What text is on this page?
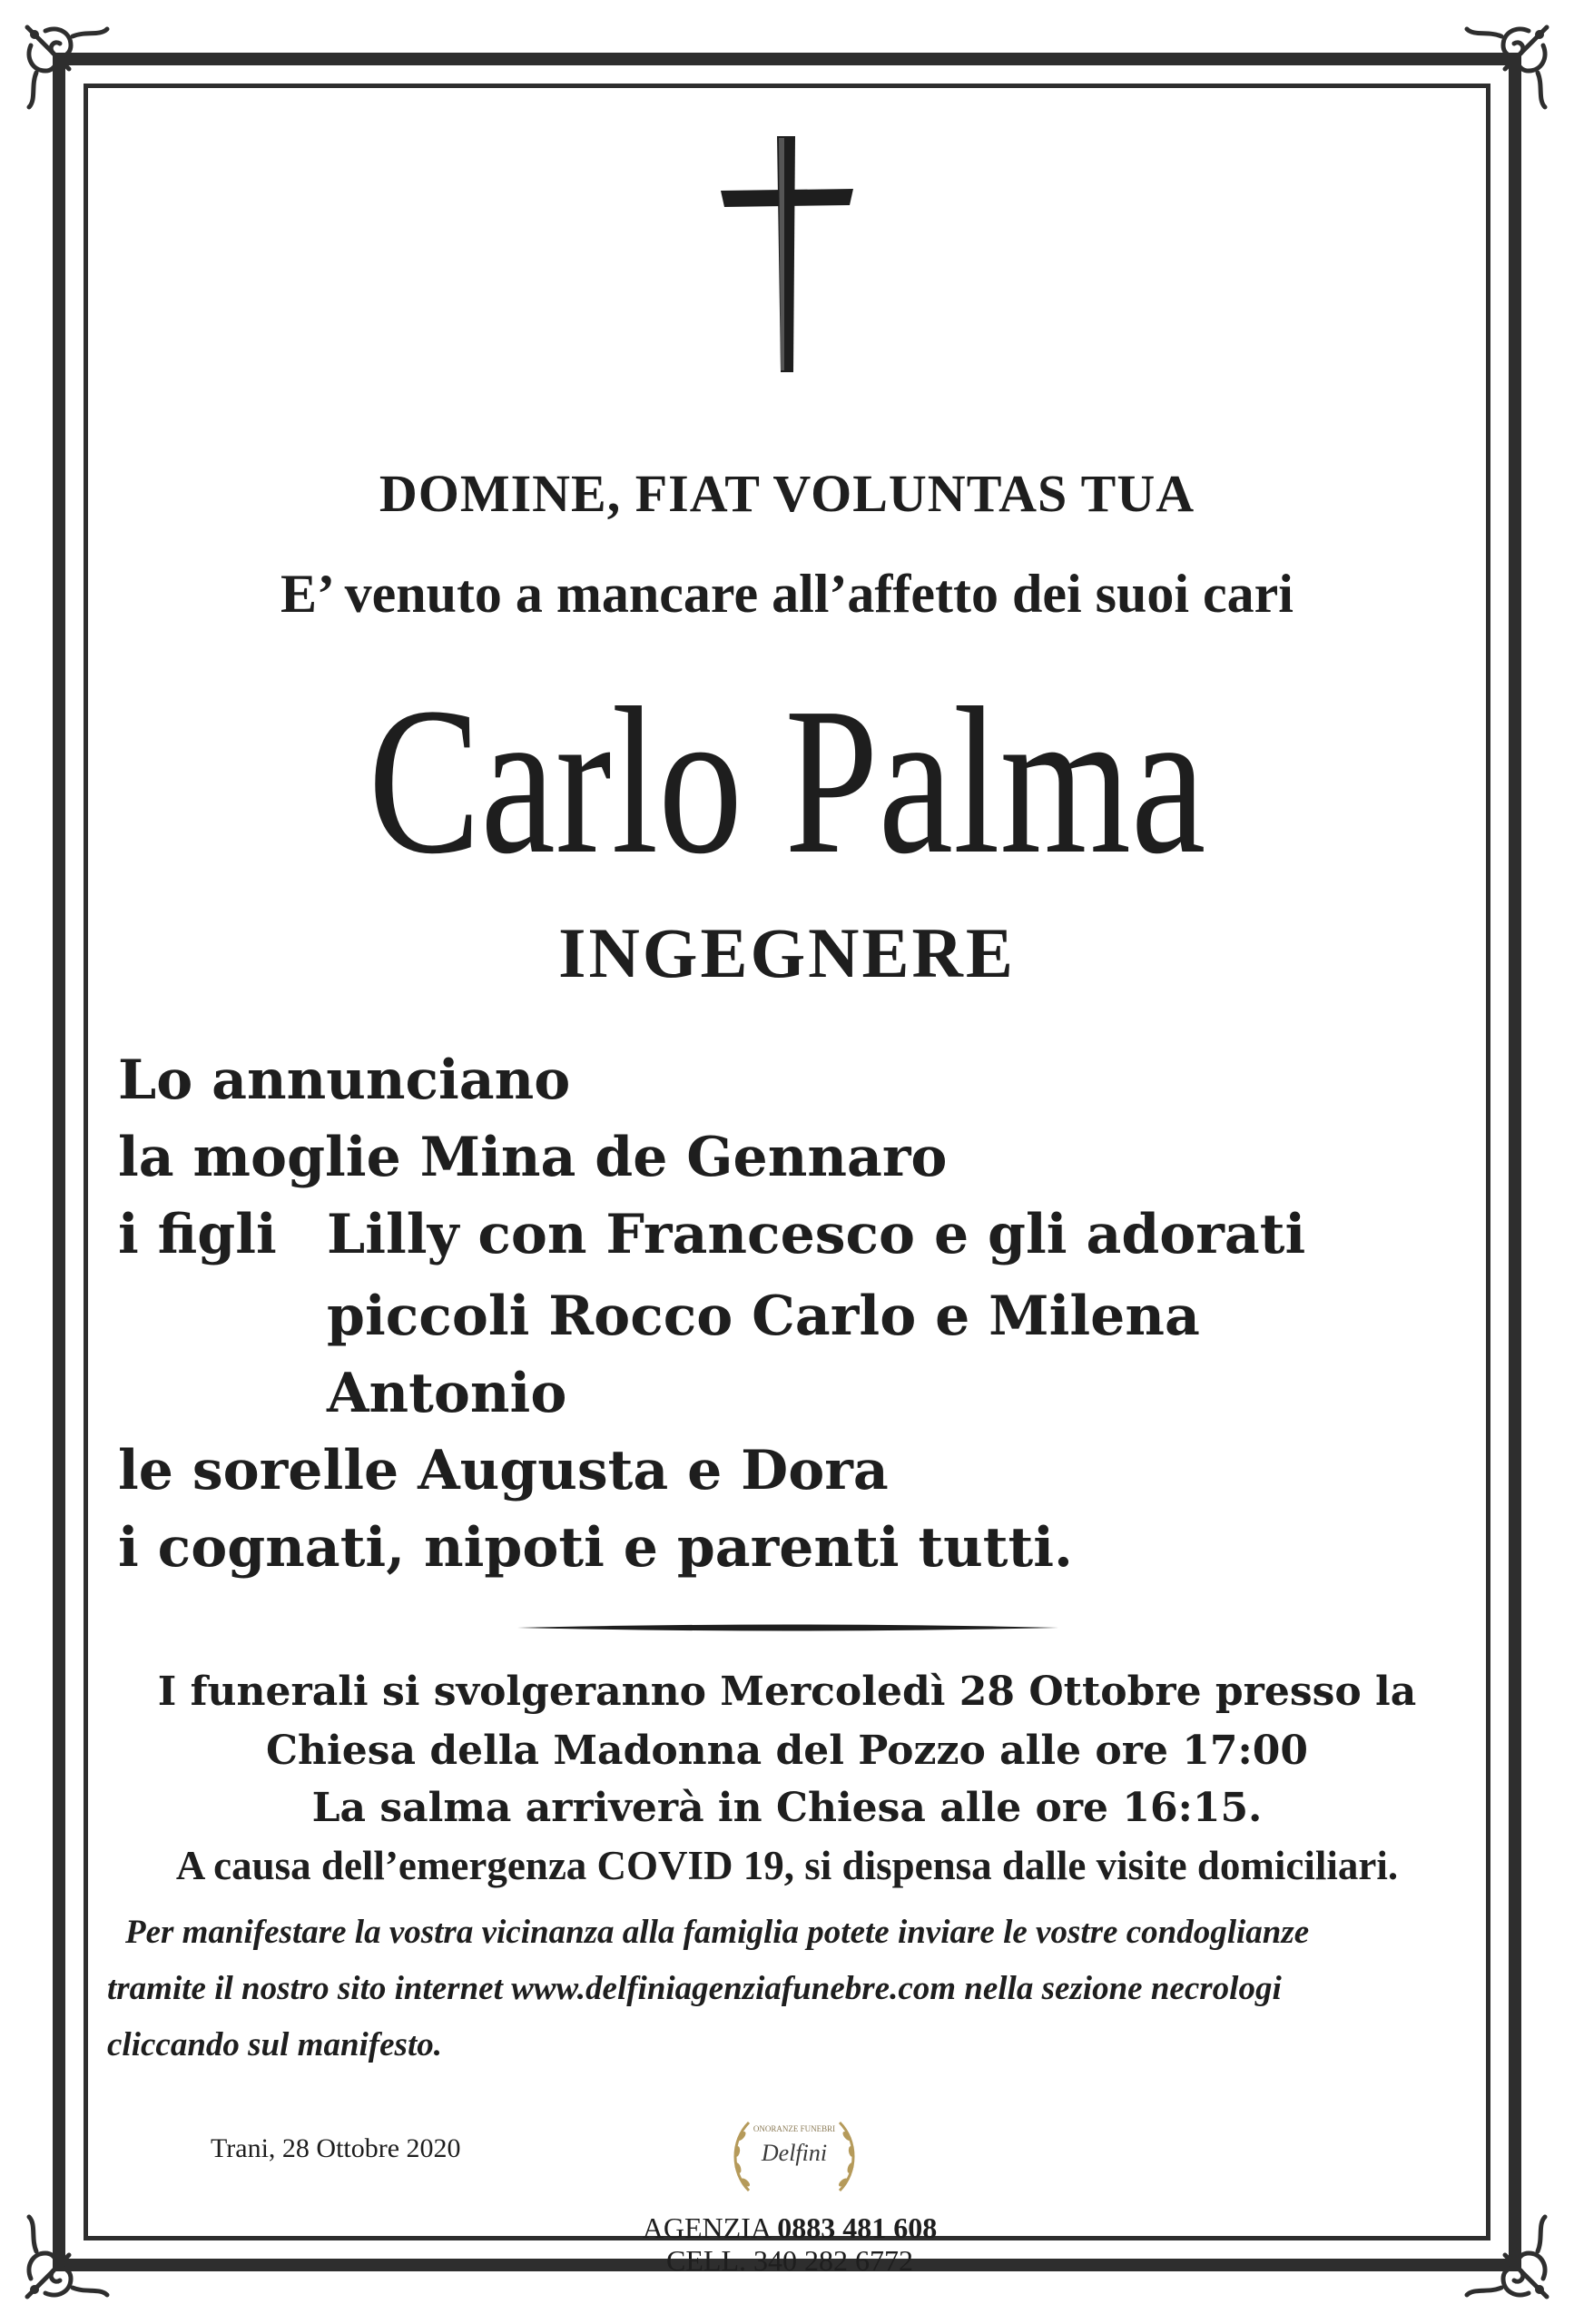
DOMINE, FIAT VOLUNTAS TUA
E’ venuto a mancare all’affetto dei suoi cari
Carlo Palma
INGEGNERE
Lo annunciano
la moglie Mina de Gennaro
i figli Lilly con Francesco e gli adorati
piccoli Rocco Carlo e Milena
Antonio
le sorelle Augusta e Dora
i cognati, nipoti e parenti tutti.
I funerali si svolgeranno Mercoledì 28 Ottobre presso la
Chiesa della Madonna del Pozzo alle ore 17:00
La salma arriverà in Chiesa alle ore 16:15.
A causa dell’emergenza COVID 19, si dispensa dalle visite domiciliari.
Per manifestare la vostra vicinanza alla famiglia potete inviare le vostre condoglianze
tramite il nostro sito internet www.delfiniagenziafunebre.com nella sezione necrologi
cliccando sul manifesto.
Trani, 28 Ottobre 2020
ONORANZE FUNEBRI
Delfini
AGENZIA 0883 481 608
CELL. 340 282 6772
